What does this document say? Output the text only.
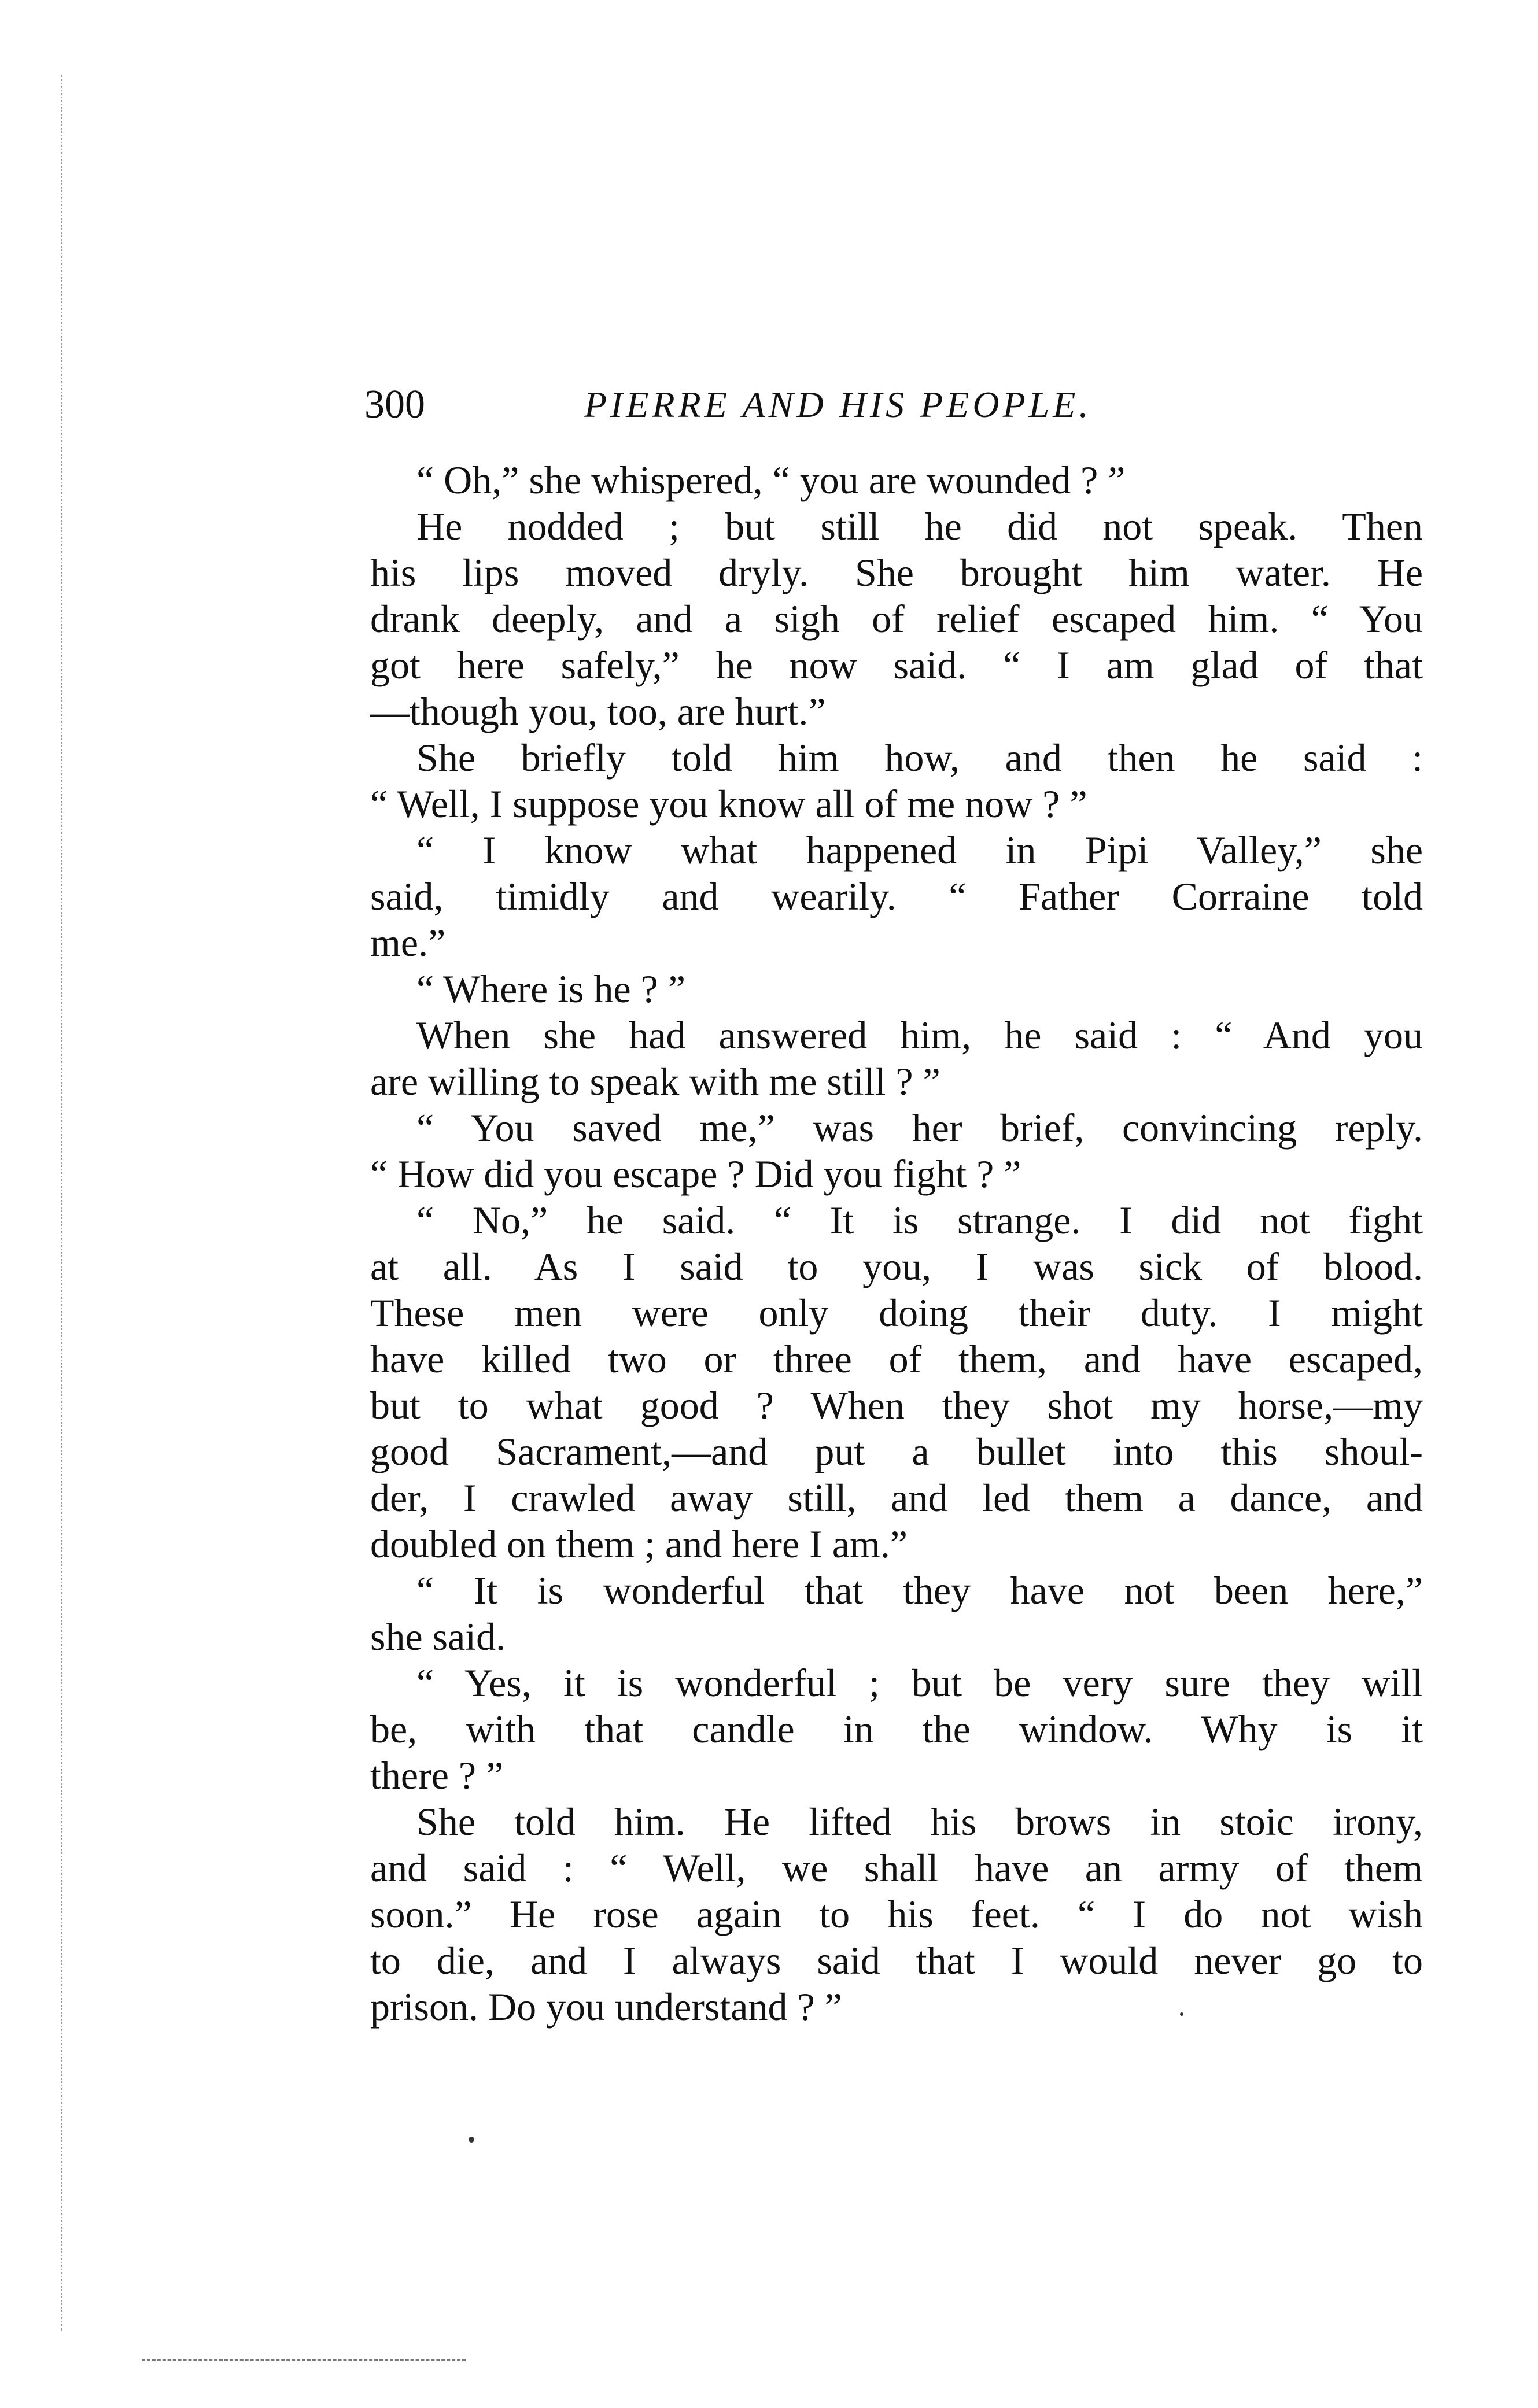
300	PIERRE AND HIS PEOPLE.
“ Oh,” she whispered, “ you are wounded ? ”
He nodded ; but still he did not speak. Then
his lips moved dryly. She brought him water. He
drank deeply, and a sigh of relief escaped him. “ You
got here safely,” he now said. “ I am glad of that
—though you, too, are hurt.”
She briefly told him how, and then he said :
“ Well, I suppose you know all of me now ? ”
“ I know what happened in Pipi Valley,” she
said, timidly and wearily. “ Father Corraine told
me.”
“ Where is he ? ”
When she had answered him, he said : “ And you
are willing to speak with me still ? ”
“ You saved me,” was her brief, convincing reply.
“ How did you escape ? Did you fight ? ”
“ No,” he said. “ It is strange. I did not fight
at all. As I said to you, I was sick of blood.
These men were only doing their duty. I might
have killed two or three of them, and have escaped,
but to what good ? When they shot my horse,—my
good Sacrament,—and put a bullet into this shoul-
der, I crawled away still, and led them a dance, and
doubled on them ; and here I am.”
“ It is wonderful that they have not been here,”
she said.
“ Yes, it is wonderful ; but be very sure they will
be, with that candle in the window. Why is it
there ? ”
She told him. He lifted his brows in stoic irony,
and said : “ Well, we shall have an army of them
soon.” He rose again to his feet. “ I do not wish
to die, and I always said that I would never go to
prison. Do you understand ? ”
